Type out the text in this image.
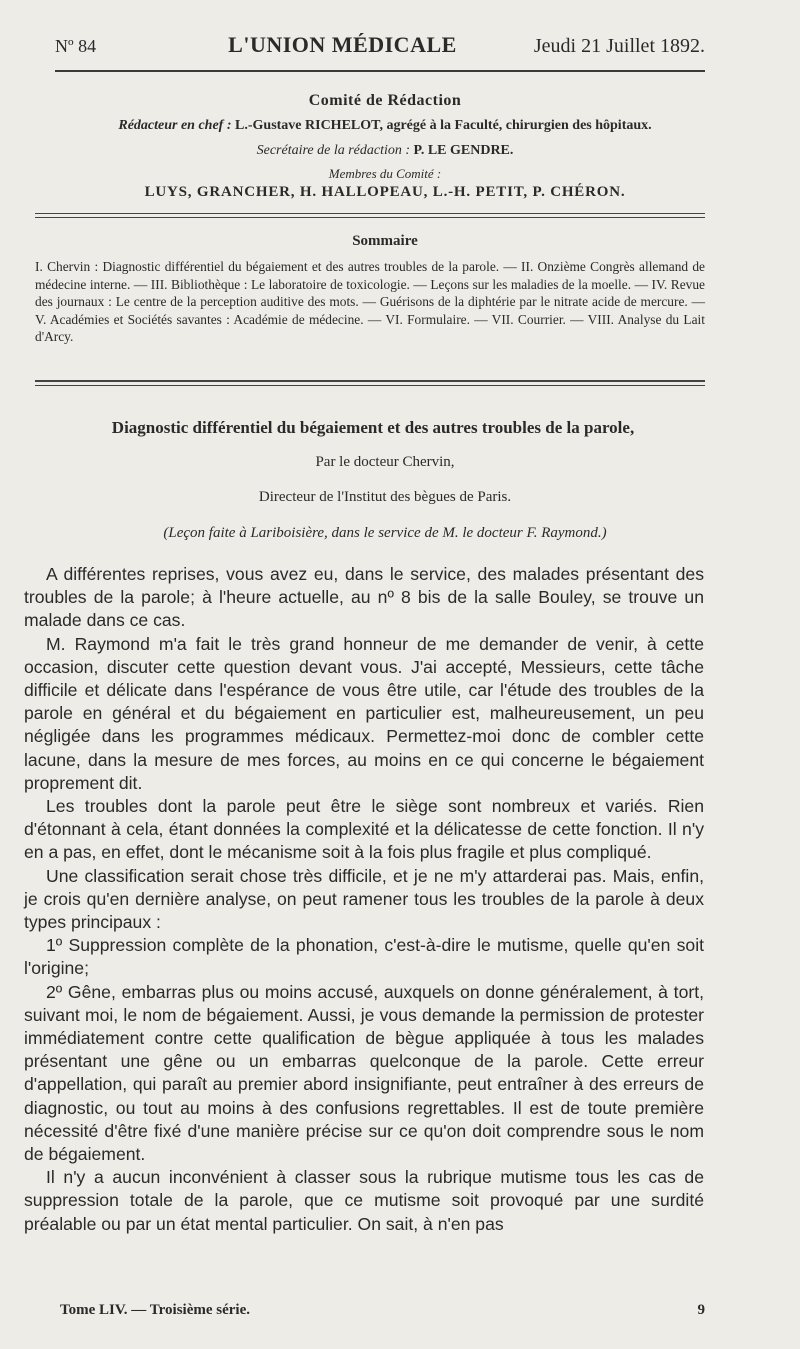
Nº 84	L'UNION MÉDICALE	Jeudi 21 Juillet 1892.
Comité de Rédaction
Rédacteur en chef : L.-Gustave RICHELOT, agrégé à la Faculté, chirurgien des hôpitaux.
Secrétaire de la rédaction : P. LE GENDRE.
Membres du Comité :
LUYS, GRANCHER, H. HALLOPEAU, L.-H. PETIT, P. CHÉRON.
Sommaire
I. Chervin : Diagnostic différentiel du bégaiement et des autres troubles de la parole. — II. Onzième Congrès allemand de médecine interne. — III. Bibliothèque : Le laboratoire de toxicologie. — Leçons sur les maladies de la moelle. — IV. Revue des journaux : Le centre de la perception auditive des mots. — Guérisons de la diphtérie par le nitrate acide de mercure. — V. Académies et Sociétés savantes : Académie de médecine. — VI. Formulaire. — VII. Courrier. — VIII. Analyse du Lait d'Arcy.
Diagnostic différentiel du bégaiement et des autres troubles de la parole,
Par le docteur Chervin,
Directeur de l'Institut des bègues de Paris.
(Leçon faite à Lariboisière, dans le service de M. le docteur F. Raymond.)

A différentes reprises, vous avez eu, dans le service, des malades présentant des troubles de la parole; à l'heure actuelle, au nº 8 bis de la salle Bouley, se trouve un malade dans ce cas.

M. Raymond m'a fait le très grand honneur de me demander de venir, à cette occasion, discuter cette question devant vous. J'ai accepté, Messieurs, cette tâche difficile et délicate dans l'espérance de vous être utile, car l'étude des troubles de la parole en général et du bégaiement en particulier est, malheureusement, un peu négligée dans les programmes médicaux. Permettez-moi donc de combler cette lacune, dans la mesure de mes forces, au moins en ce qui concerne le bégaiement proprement dit.

Les troubles dont la parole peut être le siège sont nombreux et variés. Rien d'étonnant à cela, étant données la complexité et la délicatesse de cette fonction. Il n'y en a pas, en effet, dont le mécanisme soit à la fois plus fragile et plus compliqué.

Une classification serait chose très difficile, et je ne m'y attarderai pas. Mais, enfin, je crois qu'en dernière analyse, on peut ramener tous les troubles de la parole à deux types principaux :

1º Suppression complète de la phonation, c'est-à-dire le mutisme, quelle qu'en soit l'origine;

2º Gêne, embarras plus ou moins accusé, auxquels on donne généralement, à tort, suivant moi, le nom de bégaiement. Aussi, je vous demande la permission de protester immédiatement contre cette qualification de bègue appliquée à tous les malades présentant une gêne ou un embarras quelconque de la parole. Cette erreur d'appellation, qui paraît au premier abord insignifiante, peut entraîner à des erreurs de diagnostic, ou tout au moins à des confusions regrettables. Il est de toute première nécessité d'être fixé d'une manière précise sur ce qu'on doit comprendre sous le nom de bégaiement.

Il n'y a aucun inconvénient à classer sous la rubrique mutisme tous les cas de suppression totale de la parole, que ce mutisme soit provoqué par une surdité préalable ou par un état mental particulier. On sait, à n'en pas

Tome LIV. — Troisième série.	9
